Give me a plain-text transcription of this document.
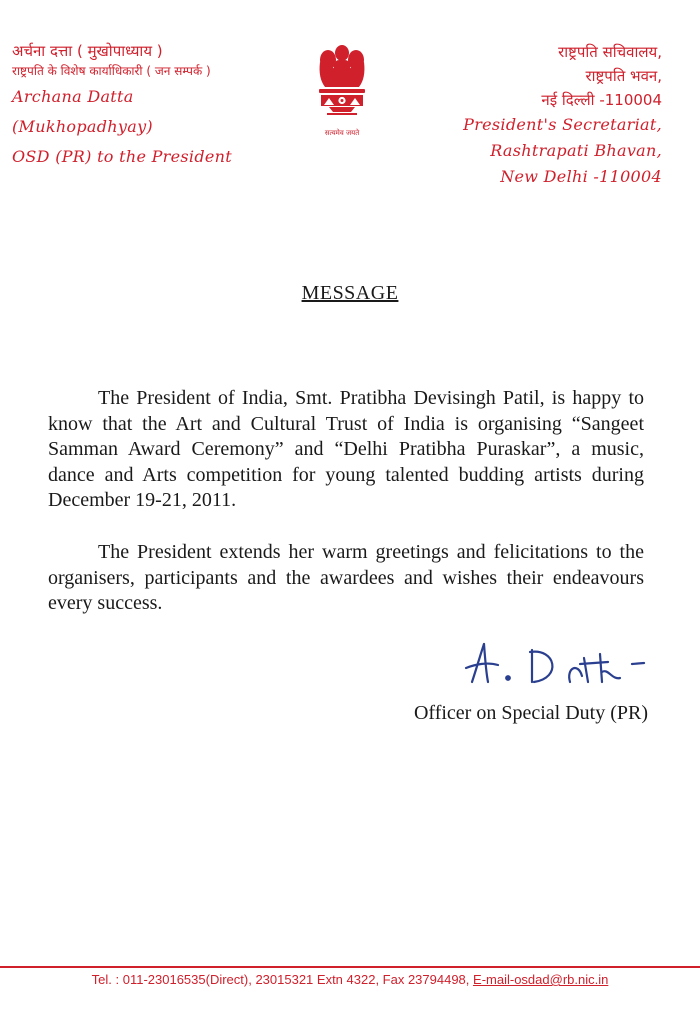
अर्चना दत्ता ( मुखोपाध्याय )
राष्ट्रपति के विशेष कार्याधिकारी ( जन सम्पर्क )
Archana Datta
(Mukhopadhyay)
OSD (PR) to the President
सत्यमेव जयते
राष्ट्रपति सचिवालय,
राष्ट्रपति भवन,
नई दिल्ली -110004
President's Secretariat,
Rashtrapati Bhavan,
New Delhi -110004
MESSAGE

The President of India, Smt. Pratibha Devisingh Patil, is happy to know that the Art and Cultural Trust of India is organising “Sangeet Samman Award Ceremony” and “Delhi Pratibha Puraskar”, a music, dance and Arts competition for young talented budding artists during December 19-21, 2011.

The President extends her warm greetings and felicitations to the organisers, participants and the awardees and wishes their endeavours every success.

Officer on Special Duty (PR)
Tel. : 011-23016535(Direct), 23015321 Extn 4322, Fax 23794498, E-mail-osdad@rb.nic.in
